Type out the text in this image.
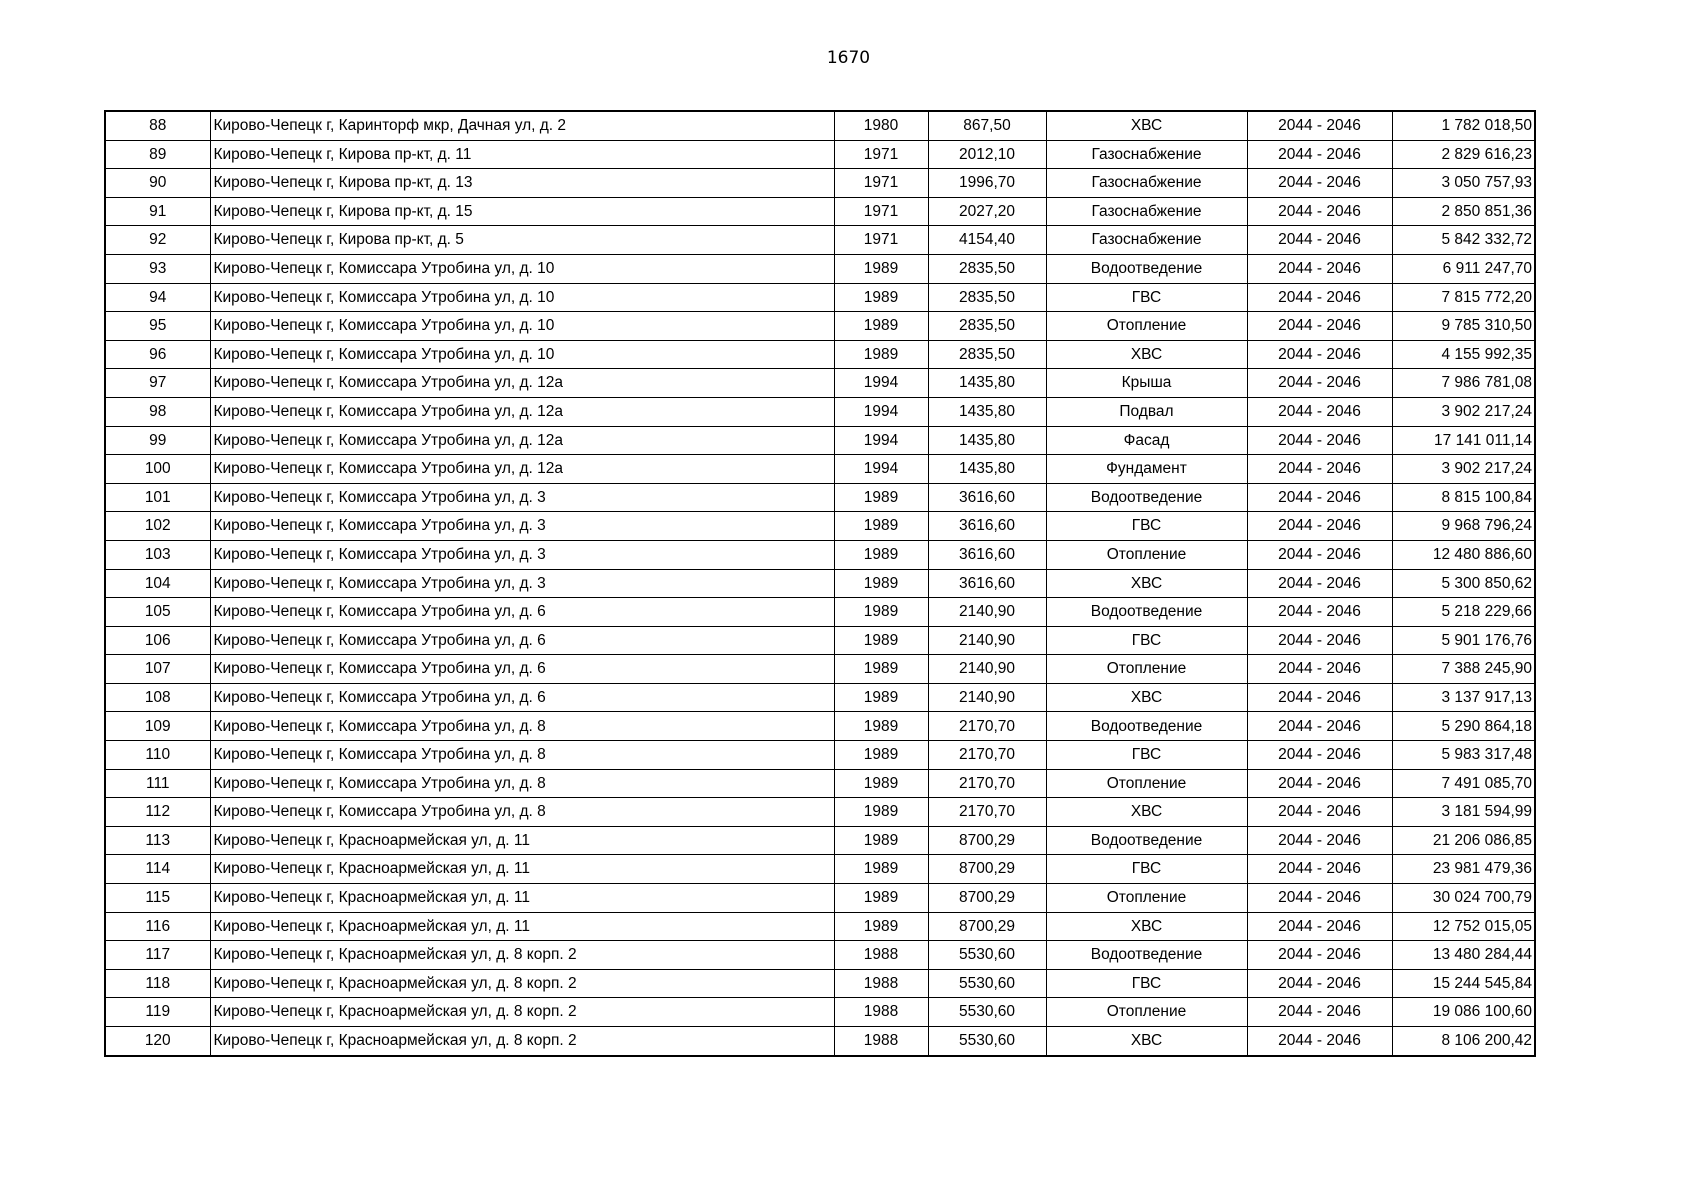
1670
88	Кирово-Чепецк г, Каринторф мкр, Дачная ул, д. 2	1980	867,50	ХВС	2044 - 2046	1 782 018,50
89	Кирово-Чепецк г, Кирова пр-кт, д. 11	1971	2012,10	Газоснабжение	2044 - 2046	2 829 616,23
90	Кирово-Чепецк г, Кирова пр-кт, д. 13	1971	1996,70	Газоснабжение	2044 - 2046	3 050 757,93
91	Кирово-Чепецк г, Кирова пр-кт, д. 15	1971	2027,20	Газоснабжение	2044 - 2046	2 850 851,36
92	Кирово-Чепецк г, Кирова пр-кт, д. 5	1971	4154,40	Газоснабжение	2044 - 2046	5 842 332,72
93	Кирово-Чепецк г, Комиссара Утробина ул, д. 10	1989	2835,50	Водоотведение	2044 - 2046	6 911 247,70
94	Кирово-Чепецк г, Комиссара Утробина ул, д. 10	1989	2835,50	ГВС	2044 - 2046	7 815 772,20
95	Кирово-Чепецк г, Комиссара Утробина ул, д. 10	1989	2835,50	Отопление	2044 - 2046	9 785 310,50
96	Кирово-Чепецк г, Комиссара Утробина ул, д. 10	1989	2835,50	ХВС	2044 - 2046	4 155 992,35
97	Кирово-Чепецк г, Комиссара Утробина ул, д. 12а	1994	1435,80	Крыша	2044 - 2046	7 986 781,08
98	Кирово-Чепецк г, Комиссара Утробина ул, д. 12а	1994	1435,80	Подвал	2044 - 2046	3 902 217,24
99	Кирово-Чепецк г, Комиссара Утробина ул, д. 12а	1994	1435,80	Фасад	2044 - 2046	17 141 011,14
100	Кирово-Чепецк г, Комиссара Утробина ул, д. 12а	1994	1435,80	Фундамент	2044 - 2046	3 902 217,24
101	Кирово-Чепецк г, Комиссара Утробина ул, д. 3	1989	3616,60	Водоотведение	2044 - 2046	8 815 100,84
102	Кирово-Чепецк г, Комиссара Утробина ул, д. 3	1989	3616,60	ГВС	2044 - 2046	9 968 796,24
103	Кирово-Чепецк г, Комиссара Утробина ул, д. 3	1989	3616,60	Отопление	2044 - 2046	12 480 886,60
104	Кирово-Чепецк г, Комиссара Утробина ул, д. 3	1989	3616,60	ХВС	2044 - 2046	5 300 850,62
105	Кирово-Чепецк г, Комиссара Утробина ул, д. 6	1989	2140,90	Водоотведение	2044 - 2046	5 218 229,66
106	Кирово-Чепецк г, Комиссара Утробина ул, д. 6	1989	2140,90	ГВС	2044 - 2046	5 901 176,76
107	Кирово-Чепецк г, Комиссара Утробина ул, д. 6	1989	2140,90	Отопление	2044 - 2046	7 388 245,90
108	Кирово-Чепецк г, Комиссара Утробина ул, д. 6	1989	2140,90	ХВС	2044 - 2046	3 137 917,13
109	Кирово-Чепецк г, Комиссара Утробина ул, д. 8	1989	2170,70	Водоотведение	2044 - 2046	5 290 864,18
110	Кирово-Чепецк г, Комиссара Утробина ул, д. 8	1989	2170,70	ГВС	2044 - 2046	5 983 317,48
111	Кирово-Чепецк г, Комиссара Утробина ул, д. 8	1989	2170,70	Отопление	2044 - 2046	7 491 085,70
112	Кирово-Чепецк г, Комиссара Утробина ул, д. 8	1989	2170,70	ХВС	2044 - 2046	3 181 594,99
113	Кирово-Чепецк г, Красноармейская ул, д. 11	1989	8700,29	Водоотведение	2044 - 2046	21 206 086,85
114	Кирово-Чепецк г, Красноармейская ул, д. 11	1989	8700,29	ГВС	2044 - 2046	23 981 479,36
115	Кирово-Чепецк г, Красноармейская ул, д. 11	1989	8700,29	Отопление	2044 - 2046	30 024 700,79
116	Кирово-Чепецк г, Красноармейская ул, д. 11	1989	8700,29	ХВС	2044 - 2046	12 752 015,05
117	Кирово-Чепецк г, Красноармейская ул, д. 8 корп. 2	1988	5530,60	Водоотведение	2044 - 2046	13 480 284,44
118	Кирово-Чепецк г, Красноармейская ул, д. 8 корп. 2	1988	5530,60	ГВС	2044 - 2046	15 244 545,84
119	Кирово-Чепецк г, Красноармейская ул, д. 8 корп. 2	1988	5530,60	Отопление	2044 - 2046	19 086 100,60
120	Кирово-Чепецк г, Красноармейская ул, д. 8 корп. 2	1988	5530,60	ХВС	2044 - 2046	8 106 200,42
